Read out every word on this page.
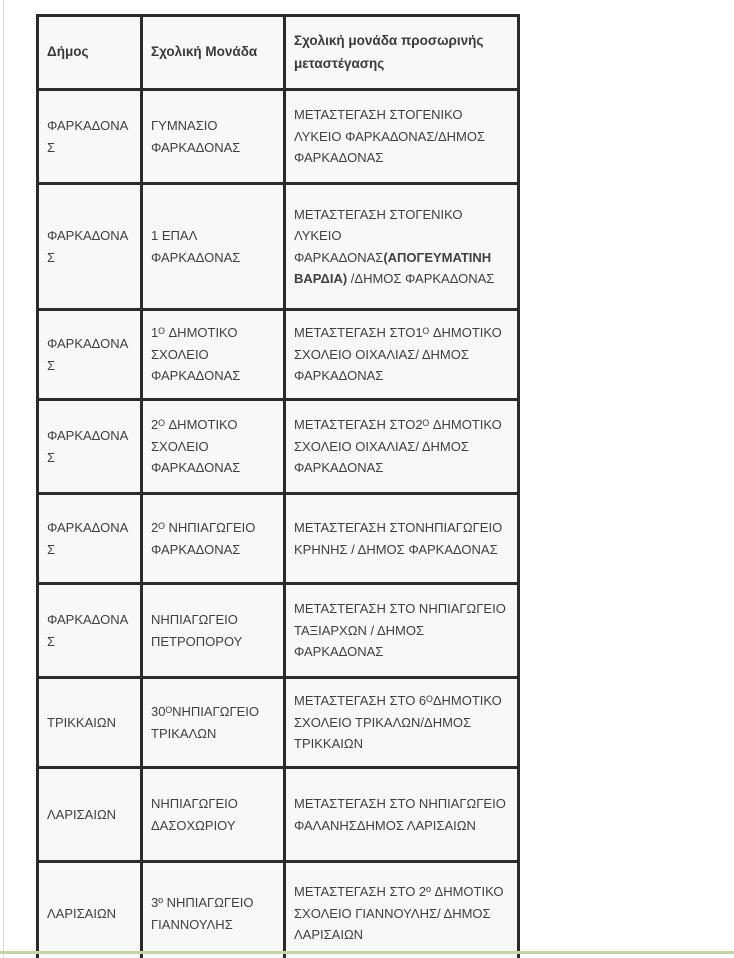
Δήμος	Σχολική Μονάδα	Σχολική μονάδα προσωρινής μεταστέγασης
ΦΑΡΚΑΔΟΝΑΣ	ΓΥΜΝΑΣΙΟ ΦΑΡΚΑΔΟΝΑΣ	ΜΕΤΑΣΤΕΓΑΣΗ ΣΤΟΓΕΝΙΚΟ ΛΥΚΕΙΟ ΦΑΡΚΑΔΟΝΑΣ/ΔΗΜΟΣ ΦΑΡΚΑΔΟΝΑΣ
ΦΑΡΚΑΔΟΝΑΣ	1 ΕΠΑΛ ΦΑΡΚΑΔΟΝΑΣ	ΜΕΤΑΣΤΕΓΑΣΗ ΣΤΟΓΕΝΙΚΟ ΛΥΚΕΙΟ ΦΑΡΚΑΔΟΝΑΣ(ΑΠΟΓΕΥΜΑΤΙΝΗ ΒΑΡΔΙΑ) /ΔΗΜΟΣ ΦΑΡΚΑΔΟΝΑΣ
ΦΑΡΚΑΔΟΝΑΣ	1ᴼ ΔΗΜΟΤΙΚΟ ΣΧΟΛΕΙΟ ΦΑΡΚΑΔΟΝΑΣ	ΜΕΤΑΣΤΕΓΑΣΗ ΣΤΟ1ᴼ ΔΗΜΟΤΙΚΟ ΣΧΟΛΕΙΟ ΟΙΧΑΛΙΑΣ/ ΔΗΜΟΣ ΦΑΡΚΑΔΟΝΑΣ
ΦΑΡΚΑΔΟΝΑΣ	2ᴼ ΔΗΜΟΤΙΚΟ ΣΧΟΛΕΙΟ ΦΑΡΚΑΔΟΝΑΣ	ΜΕΤΑΣΤΕΓΑΣΗ ΣΤΟ2ᴼ ΔΗΜΟΤΙΚΟ ΣΧΟΛΕΙΟ ΟΙΧΑΛΙΑΣ/ ΔΗΜΟΣ ΦΑΡΚΑΔΟΝΑΣ
ΦΑΡΚΑΔΟΝΑΣ	2ᴼ ΝΗΠΙΑΓΩΓΕΙΟ ΦΑΡΚΑΔΟΝΑΣ	ΜΕΤΑΣΤΕΓΑΣΗ ΣΤΟΝΗΠΙΑΓΩΓΕΙΟ ΚΡΗΝΗΣ / ΔΗΜΟΣ ΦΑΡΚΑΔΟΝΑΣ
ΦΑΡΚΑΔΟΝΑΣ	ΝΗΠΙΑΓΩΓΕΙΟ ΠΕΤΡΟΠΟΡΟΥ	ΜΕΤΑΣΤΕΓΑΣΗ ΣΤΟ ΝΗΠΙΑΓΩΓΕΙΟ ΤΑΞΙΑΡΧΩΝ / ΔΗΜΟΣ ΦΑΡΚΑΔΟΝΑΣ
ΤΡΙΚΚΑΙΩΝ	30ᴼΝΗΠΙΑΓΩΓΕΙΟ ΤΡΙΚΑΛΩΝ	ΜΕΤΑΣΤΕΓΑΣΗ ΣΤΟ 6ᴼΔΗΜΟΤΙΚΟ ΣΧΟΛΕΙΟ ΤΡΙΚΑΛΩΝ/ΔΗΜΟΣ ΤΡΙΚΚΑΙΩΝ
ΛΑΡΙΣΑΙΩΝ	ΝΗΠΙΑΓΩΓΕΙΟ ΔΑΣΟΧΩΡΙΟΥ	ΜΕΤΑΣΤΕΓΑΣΗ ΣΤΟ ΝΗΠΙΑΓΩΓΕΙΟ ΦΑΛΑΝΗΣΔΗΜΟΣ ΛΑΡΙΣΑΙΩΝ
ΛΑΡΙΣΑΙΩΝ	3º ΝΗΠΙΑΓΩΓΕΙΟ ΓΙΑΝΝΟΥΛΗΣ	ΜΕΤΑΣΤΕΓΑΣΗ ΣΤΟ 2º ΔΗΜΟΤΙΚΟ ΣΧΟΛΕΙΟ ΓΙΑΝΝΟΥΛΗΣ/ ΔΗΜΟΣ ΛΑΡΙΣΑΙΩΝ
